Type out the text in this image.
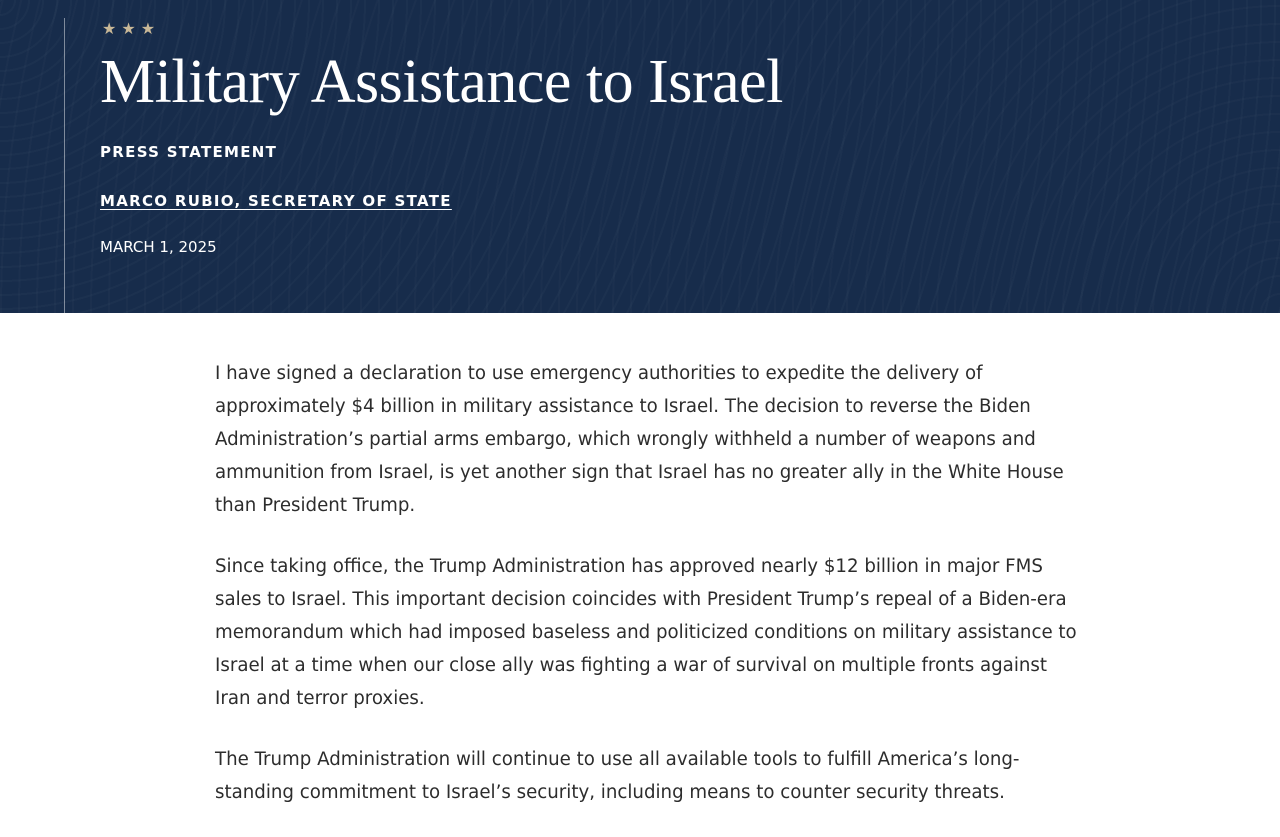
★ ★ ★
Military Assistance to Israel
PRESS STATEMENT
MARCO RUBIO, SECRETARY OF STATE
MARCH 1, 2025

I have signed a declaration to use emergency authorities to expedite the delivery of approximately $4 billion in military assistance to Israel. The decision to reverse the Biden Administration’s partial arms embargo, which wrongly withheld a number of weapons and ammunition from Israel, is yet another sign that Israel has no greater ally in the White House than President Trump.

Since taking office, the Trump Administration has approved nearly $12 billion in major FMS sales to Israel. This important decision coincides with President Trump’s repeal of a Biden-era memorandum which had imposed baseless and politicized conditions on military assistance to Israel at a time when our close ally was fighting a war of survival on multiple fronts against Iran and terror proxies.

The Trump Administration will continue to use all available tools to fulfill America’s long-standing commitment to Israel’s security, including means to counter security threats.
